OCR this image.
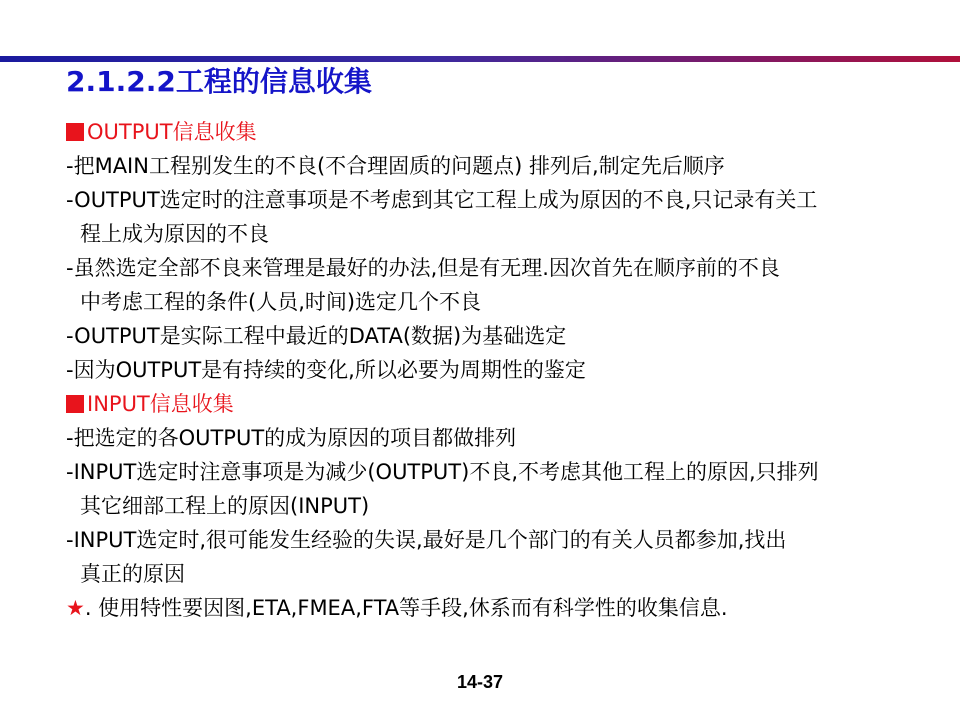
2.1.2.2工程的信息收集
OUTPUT信息收集
-把MAIN工程别发生的不良(不合理固质的问题点) 排列后,制定先后顺序
-OUTPUT选定时的注意事项是不考虑到其它工程上成为原因的不良,只记录有关工
程上成为原因的不良
-虽然选定全部不良来管理是最好的办法,但是有无理.因次首先在顺序前的不良
中考虑工程的条件(人员,时间)选定几个不良
-OUTPUT是实际工程中最近的DATA(数据)为基础选定
-因为OUTPUT是有持续的变化,所以必要为周期性的鉴定
INPUT信息收集
-把选定的各OUTPUT的成为原因的项目都做排列
-INPUT选定时注意事项是为减少(OUTPUT)不良,不考虑其他工程上的原因,只排列
其它细部工程上的原因(INPUT)
-INPUT选定时,很可能发生经验的失误,最好是几个部门的有关人员都参加,找出
真正的原因
★. 使用特性要因图,ETA,FMEA,FTA等手段,休系而有科学性的收集信息.
14-37
